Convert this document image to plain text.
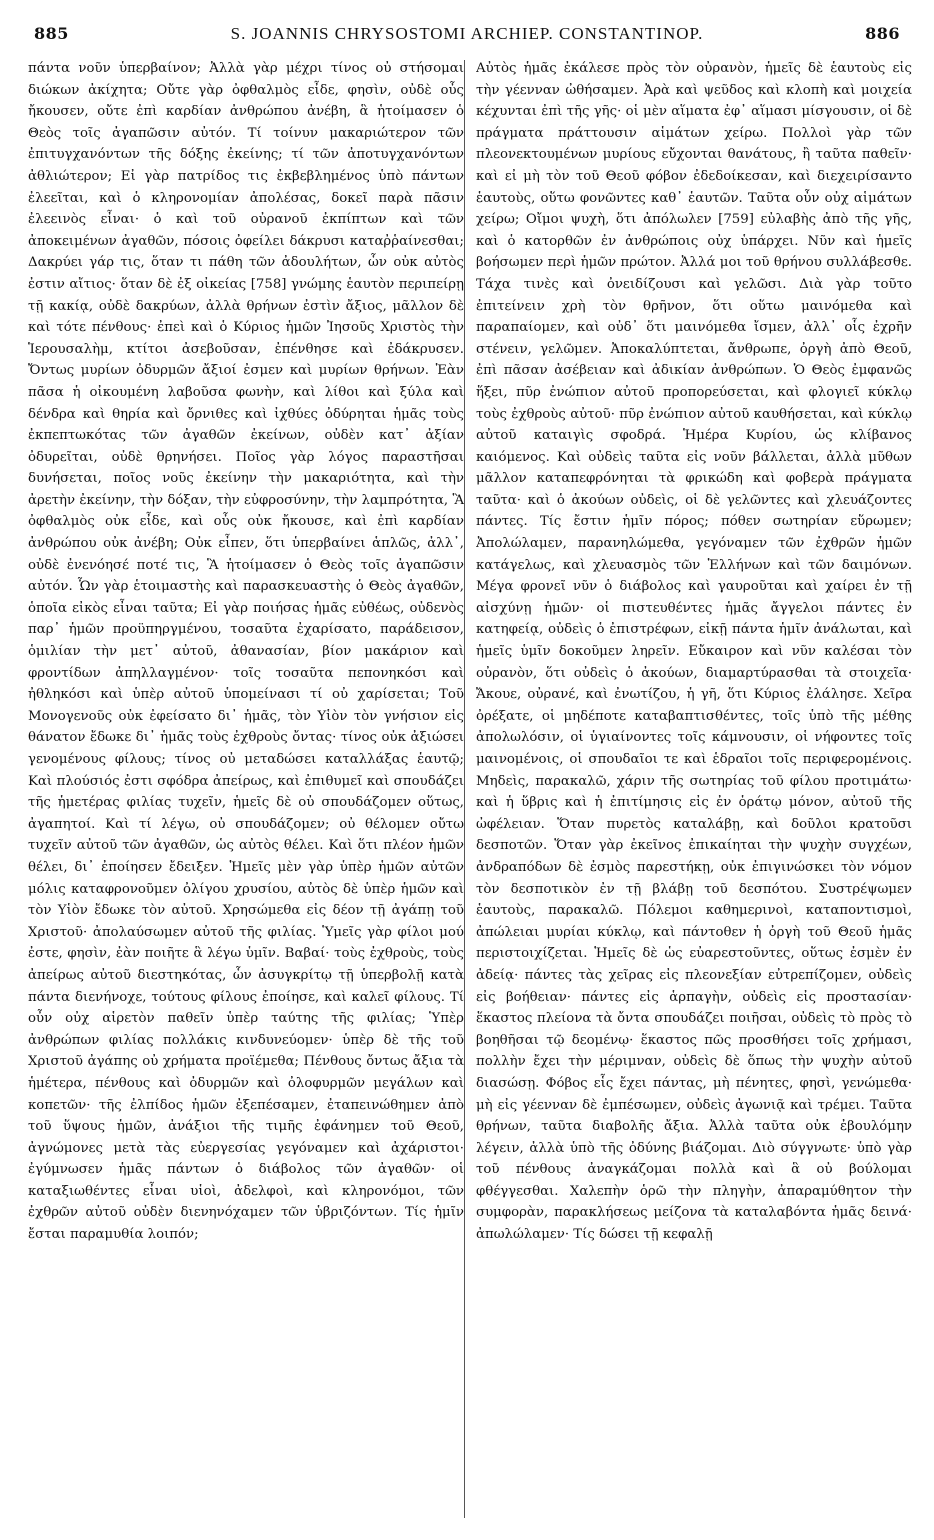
885	S. JOANNIS CHRYSOSTOMI ARCHIEP. CONSTANTINOP.	886

πάντα νοῦν ὑπερβαίνον; Ἀλλὰ γὰρ μέχρι τίνος οὐ στήσομαι διώκων ἀκίχητα; Οὔτε γὰρ ὀφθαλμὸς εἶδε, φησὶν, οὐδὲ οὖς ἤκουσεν, οὔτε ἐπὶ καρδίαν ἀνθρώπου ἀνέβη, ἃ ἡτοίμασεν ὁ Θεὸς τοῖς ἀγαπῶσιν αὐτόν. Τί τοίνυν μακαριώτερον τῶν ἐπιτυγχανόντων τῆς δόξης ἐκείνης; τί τῶν ἀποτυγχανόντων ἀθλιώτερον; Εἰ γὰρ πατρίδος τις ἐκβεβλημένος ὑπὸ πάντων ἐλεεῖται, καὶ ὁ κληρονομίαν ἀπολέσας, δοκεῖ παρὰ πᾶσιν ἐλεεινὸς εἶναι· ὁ καὶ τοῦ οὐρανοῦ ἐκπίπτων καὶ τῶν ἀποκειμένων ἀγαθῶν, πόσοις ὀφείλει δάκρυσι καταῤῥαίνεσθαι; Δακρύει γάρ τις, ὅταν τι πάθη τῶν ἀδουλήτων, ὧν οὐκ αὐτὸς ἐστιν αἴτιος· ὅταν δὲ ἐξ οἰκείας [758] γνώμης ἑαυτὸν περιπείρῃ τῇ κακίᾳ, οὐδὲ δακρύων, ἀλλὰ θρήνων ἐστὶν ἄξιος, μᾶλλον δὲ καὶ τότε πένθους· ἐπεὶ καὶ ὁ Κύριος ἡμῶν Ἰησοῦς Χριστὸς τὴν Ἱερουσαλὴμ, κτίτοι ἀσεβοῦσαν, ἐπένθησε καὶ ἐδάκρυσεν. Ὄντως μυρίων ὀδυρμῶν ἄξιοί ἐσμεν καὶ μυρίων θρήνων. Ἐὰν πᾶσα ἡ οἰκουμένη λαβοῦσα φωνὴν, καὶ λίθοι καὶ ξύλα καὶ δένδρα καὶ θηρία καὶ ὄρνιθες καὶ ἰχθύες ὀδύρηται ἡμᾶς τοὺς ἐκπεπτωκότας τῶν ἀγαθῶν ἐκείνων, οὐδὲν κατ᾽ ἀξίαν ὀδυρεῖται, οὐδὲ θρηνήσει. Ποῖος γὰρ λόγος παραστῆσαι δυνήσεται, ποῖος νοῦς ἐκείνην τὴν μακαριότητα, καὶ τὴν ἀρετὴν ἐκείνην, τὴν δόξαν, τὴν εὐφροσύνην, τὴν λαμπρότητα, Ἃ ὀφθαλμὸς οὐκ εἶδε, καὶ οὖς οὐκ ἤκουσε, καὶ ἐπὶ καρδίαν ἀνθρώπου οὐκ ἀνέβη; Οὐκ εἶπεν, ὅτι ὑπερβαίνει ἁπλῶς, ἀλλ᾽, οὐδὲ ἐνενόησέ ποτέ τις, Ἃ ἡτοίμασεν ὁ Θεὸς τοῖς ἀγαπῶσιν αὐτόν. Ὧν γὰρ ἑτοιμαστὴς καὶ παρασκευαστὴς ὁ Θεὸς ἀγαθῶν, ὁποῖα εἰκὸς εἶναι ταῦτα; Εἰ γὰρ ποιήσας ἡμᾶς εὐθέως, οὐδενὸς παρ᾽ ἡμῶν προϋπηργμένου, τοσαῦτα ἐχαρίσατο, παράδεισον, ὁμιλίαν τὴν μετ᾽ αὐτοῦ, ἀθανασίαν, βίον μακάριον καὶ φροντίδων ἀπηλλαγμένον· τοῖς τοσαῦτα πεπονηκόσι καὶ ἠθληκόσι καὶ ὑπὲρ αὐτοῦ ὑπομείνασι τί οὐ χαρίσεται; Τοῦ Μονογενοῦς οὐκ ἐφείσατο δι᾽ ἡμᾶς, τὸν Υἱὸν τὸν γνήσιον εἰς θάνατον ἔδωκε δι᾽ ἡμᾶς τοὺς ἐχθροὺς ὄντας· τίνος οὐκ ἀξιώσει γενομένους φίλους; τίνος οὐ μεταδώσει καταλλάξας ἑαυτῷ; Καὶ πλούσιός ἐστι σφόδρα ἀπείρως, καὶ ἐπιθυμεῖ καὶ σπουδάζει τῆς ἡμετέρας φιλίας τυχεῖν, ἡμεῖς δὲ οὐ σπουδάζομεν οὕτως, ἀγαπητοί. Καὶ τί λέγω, οὐ σπουδάζομεν; οὐ θέλομεν οὔτω τυχεῖν αὐτοῦ τῶν ἀγαθῶν, ὡς αὐτὸς θέλει. Καὶ ὅτι πλέον ἡμῶν θέλει, δι᾽ ἐποίησεν ἔδειξεν. Ἡμεῖς μὲν γὰρ ὑπὲρ ἡμῶν αὐτῶν μόλις καταφρονοῦμεν ὀλίγου χρυσίου, αὐτὸς δὲ ὑπὲρ ἡμῶν καὶ τὸν Υἱὸν ἔδωκε τὸν αὐτοῦ. Χρησώμεθα εἰς δέον τῇ ἀγάπῃ τοῦ Χριστοῦ· ἀπολαύσωμεν αὐτοῦ τῆς φιλίας. Ὑμεῖς γὰρ φίλοι μού ἐστε, φησὶν, ἐὰν ποιῆτε ἃ λέγω ὑμῖν. Βαβαί· τοὺς ἐχθροὺς, τοὺς ἀπείρως αὐτοῦ διεστηκότας, ὧν ἀσυγκρίτῳ τῇ ὑπερβολῇ κατὰ πάντα διενήνοχε, τούτους φίλους ἐποίησε, καὶ καλεῖ φίλους. Τί οὖν οὐχ αἱρετὸν παθεῖν ὑπὲρ ταύτης τῆς φιλίας; Ὑπὲρ ἀνθρώπων φιλίας πολλάκις κινδυνεύομεν· ὑπὲρ δὲ τῆς τοῦ Χριστοῦ ἀγάπης οὐ χρήματα προϊέμεθα; Πένθους ὄντως ἄξια τὰ ἡμέτερα, πένθους καὶ ὀδυρμῶν καὶ ὀλοφυρμῶν μεγάλων καὶ κοπετῶν· τῆς ἐλπίδος ἡμῶν ἐξεπέσαμεν, ἐταπεινώθημεν ἀπὸ τοῦ ὕψους ἡμῶν, ἀνάξιοι τῆς τιμῆς ἐφάνημεν τοῦ Θεοῦ, ἀγνώμονες μετὰ τὰς εὐεργεσίας γεγόναμεν καὶ ἀχάριστοι· ἐγύμνωσεν ἡμᾶς πάντων ὁ διάβολος τῶν ἀγαθῶν· οἱ καταξιωθέντες εἶναι υἱοὶ, ἀδελφοὶ, καὶ κληρονόμοι, τῶν ἐχθρῶν αὐτοῦ οὐδὲν διενηνόχαμεν τῶν ὑβριζόντων. Τίς ἡμῖν ἔσται παραμυθία λοιπόν;

Αὐτὸς ἡμᾶς ἐκάλεσε πρὸς τὸν οὐρανὸν, ἡμεῖς δὲ ἑαυτοὺς εἰς τὴν γέενναν ὠθήσαμεν. Ἀρὰ καὶ ψεῦδος καὶ κλοπὴ καὶ μοιχεία κέχυνται ἐπὶ τῆς γῆς· οἱ μὲν αἵματα ἐφ᾽ αἵμασι μίσγουσιν, οἱ δὲ πράγματα πράττουσιν αἱμάτων χείρω. Πολλοὶ γὰρ τῶν πλεονεκτουμένων μυρίους εὔχονται θανάτους, ἢ ταῦτα παθεῖν· καὶ εἰ μὴ τὸν τοῦ Θεοῦ φόβον ἐδεδοίκεσαν, καὶ διεχειρίσαντο ἑαυτοὺς, οὕτω φονῶντες καθ᾽ ἑαυτῶν. Ταῦτα οὖν οὐχ αἱμάτων χείρω; Οἴμοι ψυχὴ, ὅτι ἀπόλωλεν [759] εὐλαβὴς ἀπὸ τῆς γῆς, καὶ ὁ κατορθῶν ἐν ἀνθρώποις οὐχ ὑπάρχει. Νῦν καὶ ἡμεῖς βοήσωμεν περὶ ἡμῶν πρώτον. Ἀλλά μοι τοῦ θρήνου συλλάβεσθε. Τάχα τινὲς καὶ ὀνειδίζουσι καὶ γελῶσι. Διὰ γὰρ τοῦτο ἐπιτείνειν χρὴ τὸν θρῆνον, ὅτι οὕτω μαινόμεθα καὶ παραπαίομεν, καὶ οὐδ᾽ ὅτι μαινόμεθα ἴσμεν, ἀλλ᾽ οἷς ἐχρῆν στένειν, γελῶμεν. Ἀποκαλύπτεται, ἄνθρωπε, ὀργὴ ἀπὸ Θεοῦ, ἐπὶ πᾶσαν ἀσέβειαν καὶ ἀδικίαν ἀνθρώπων. Ὁ Θεὸς ἐμφανῶς ἥξει, πῦρ ἐνώπιον αὐτοῦ προπορεύσεται, καὶ φλογιεῖ κύκλῳ τοὺς ἐχθροὺς αὐτοῦ· πῦρ ἐνώπιον αὐτοῦ καυθήσεται, καὶ κύκλῳ αὐτοῦ καταιγὶς σφοδρά. Ἡμέρα Κυρίου, ὡς κλίβανος καιόμενος. Καὶ οὐδεὶς ταῦτα εἰς νοῦν βάλλεται, ἀλλὰ μῦθων μᾶλλον καταπεφρόνηται τὰ φρικώδη καὶ φοβερὰ πράγματα ταῦτα· καὶ ὁ ἀκούων οὐδεὶς, οἱ δὲ γελῶντες καὶ χλευάζοντες πάντες. Τίς ἔστιν ἡμῖν πόρος; πόθεν σωτηρίαν εὕρωμεν; Ἀπολώλαμεν, παρανηλώμεθα, γεγόναμεν τῶν ἐχθρῶν ἡμῶν κατάγελως, καὶ χλευασμὸς τῶν Ἑλλήνων καὶ τῶν δαιμόνων. Μέγα φρονεῖ νῦν ὁ διάβολος καὶ γαυροῦται καὶ χαίρει ἐν τῇ αἰσχύνῃ ἡμῶν· οἱ πιστευθέντες ἡμᾶς ἄγγελοι πάντες ἐν κατηφείᾳ, οὐδεὶς ὁ ἐπιστρέφων, εἰκῇ πάντα ἡμῖν ἀνάλωται, καὶ ἡμεῖς ὑμῖν δοκοῦμεν ληρεῖν. Εὔκαιρον καὶ νῦν καλέσαι τὸν οὐρανὸν, ὅτι οὐδεὶς ὁ ἀκούων, διαμαρτύρασθαι τὰ στοιχεῖα· Ἄκουε, οὐρανέ, καὶ ἐνωτίζου, ἡ γῆ, ὅτι Κύριος ἐλάλησε. Χεῖρα ὀρέξατε, οἱ μηδέποτε καταβαπτισθέντες, τοῖς ὑπὸ τῆς μέθης ἀπολωλόσιν, οἱ ὑγιαίνοντες τοῖς κάμνουσιν, οἱ νήφοντες τοῖς μαινομένοις, οἱ σπουδαῖοι τε καὶ ἑδραῖοι τοῖς περιφερομένοις. Μηδεὶς, παρακαλῶ, χάριν τῆς σωτηρίας τοῦ φίλου προτιμάτω· καὶ ἡ ὕβρις καὶ ἡ ἐπιτίμησις εἰς ἐν ὁράτῳ μόνον, αὐτοῦ τῆς ὠφέλειαν. Ὅταν πυρετὸς καταλάβῃ, καὶ δοῦλοι κρατοῦσι δεσποτῶν. Ὅταν γὰρ ἐκεῖνος ἐπικαίηται τὴν ψυχὴν συγχέων, ἀνδραπόδων δὲ ἐσμὸς παρεστήκῃ, οὐκ ἐπιγινώσκει τὸν νόμον τὸν δεσποτικὸν ἐν τῇ βλάβῃ τοῦ δεσπότου. Συστρέψωμεν ἑαυτοὺς, παρακαλῶ. Πόλεμοι καθημερινοὶ, καταποντισμοὶ, ἀπώλειαι μυρίαι κύκλῳ, καὶ πάντοθεν ἡ ὀργὴ τοῦ Θεοῦ ἡμᾶς περιστοιχίζεται. Ἡμεῖς δὲ ὡς εὐαρεστοῦντες, οὕτως ἐσμὲν ἐν ἀδείᾳ· πάντες τὰς χεῖρας εἰς πλεονεξίαν εὐτρεπίζομεν, οὐδεὶς εἰς βοήθειαν· πάντες εἰς ἁρπαγὴν, οὐδεὶς εἰς προστασίαν· ἕκαστος πλείονα τὰ ὄντα σπουδάζει ποιῆσαι, οὐδεὶς τὸ πρὸς τὸ βοηθῆσαι τῷ δεομένῳ· ἕκαστος πῶς προσθήσει τοῖς χρήμασι, πολλὴν ἔχει τὴν μέριμναν, οὐδεὶς δὲ ὅπως τὴν ψυχὴν αὐτοῦ διασώσῃ. Φόβος εἷς ἔχει πάντας, μὴ πένητες, φησὶ, γενώμεθα· μὴ εἰς γέενναν δὲ ἐμπέσωμεν, οὐδεὶς ἀγωνιᾷ καὶ τρέμει. Ταῦτα θρήνων, ταῦτα διαβολῆς ἄξια. Ἀλλὰ ταῦτα οὐκ ἐβουλόμην λέγειν, ἀλλὰ ὑπὸ τῆς ὀδύνης βιάζομαι. Διὸ σύγγνωτε· ὑπὸ γὰρ τοῦ πένθους ἀναγκάζομαι πολλὰ καὶ ἃ οὐ βούλομαι φθέγγεσθαι. Χαλεπὴν ὁρῶ τὴν πληγὴν, ἀπαραμύθητον τὴν συμφορὰν, παρακλήσεως μείζονα τὰ καταλαβόντα ἡμᾶς δεινά· ἀπωλώλαμεν· Τίς δώσει τῇ κεφαλῇ
